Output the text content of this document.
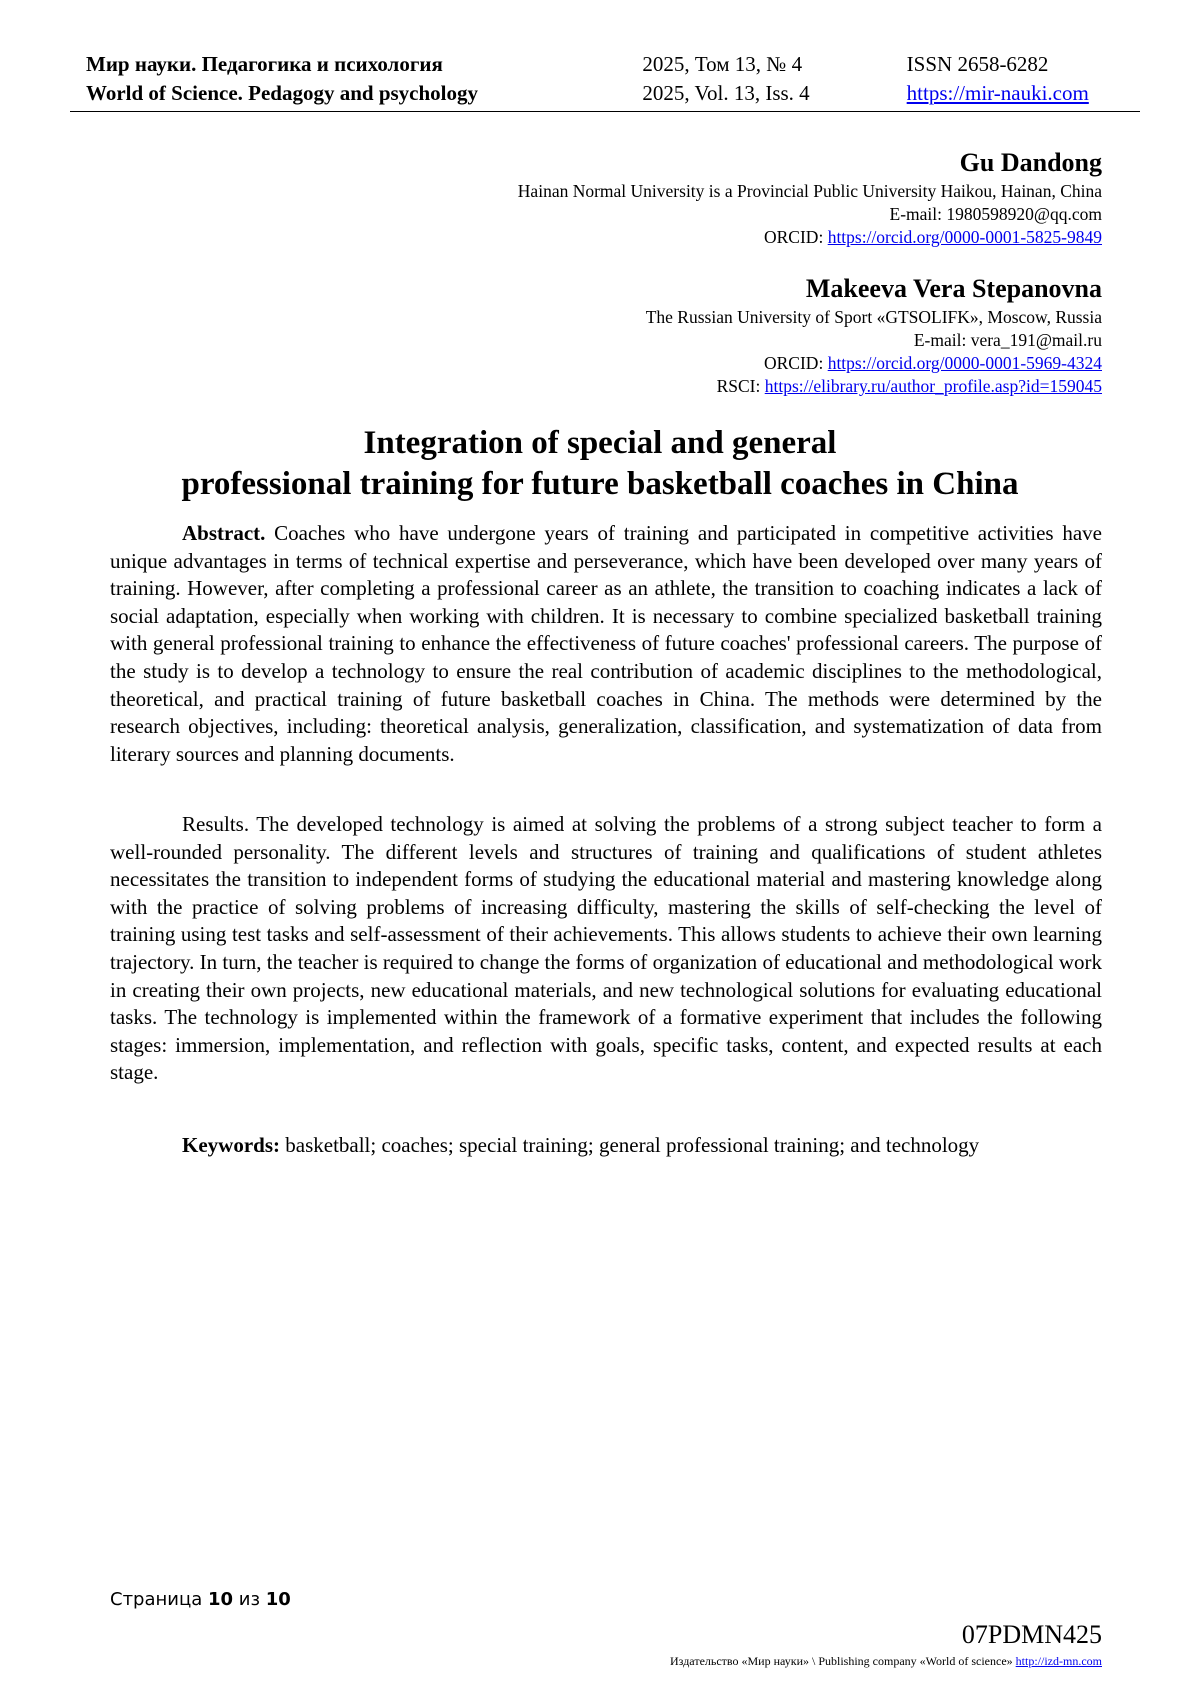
Мир науки. Педагогика и психология	2025, Том 13, № 4	ISSN 2658-6282
World of Science. Pedagogy and psychology	2025, Vol. 13, Iss. 4	https://mir-nauki.com
Gu Dandong
Hainan Normal University is a Provincial Public University Haikou, Hainan, China
E-mail: 1980598920@qq.com
ORCID: https://orcid.org/0000-0001-5825-9849
Makeeva Vera Stepanovna
The Russian University of Sport «GTSOLIFK», Moscow, Russia
E-mail: vera_191@mail.ru
ORCID: https://orcid.org/0000-0001-5969-4324
RSCI: https://elibrary.ru/author_profile.asp?id=159045
Integration of special and general
professional training for future basketball coaches in China

Abstract. Coaches who have undergone years of training and participated in competitive activities have unique advantages in terms of technical expertise and perseverance, which have been developed over many years of training. However, after completing a professional career as an athlete, the transition to coaching indicates a lack of social adaptation, especially when working with children. It is necessary to combine specialized basketball training with general professional training to enhance the effectiveness of future coaches' professional careers. The purpose of the study is to develop a technology to ensure the real contribution of academic disciplines to the methodological, theoretical, and practical training of future basketball coaches in China. The methods were determined by the research objectives, including: theoretical analysis, generalization, classification, and systematization of data from literary sources and planning documents.

Results. The developed technology is aimed at solving the problems of a strong subject teacher to form a well-rounded personality. The different levels and structures of training and qualifications of student athletes necessitates the transition to independent forms of studying the educational material and mastering knowledge along with the practice of solving problems of increasing difficulty, mastering the skills of self-checking the level of training using test tasks and self-assessment of their achievements. This allows students to achieve their own learning trajectory. In turn, the teacher is required to change the forms of organization of educational and methodological work in creating their own projects, new educational materials, and new technological solutions for evaluating educational tasks. The technology is implemented within the framework of a formative experiment that includes the following stages: immersion, implementation, and reflection with goals, specific tasks, content, and expected results at each stage.

Keywords: basketball; coaches; special training; general professional training; and technology

Страница 10 из 10
07PDMN425
Издательство «Мир науки» \ Publishing company «World of science» http://izd-mn.com
